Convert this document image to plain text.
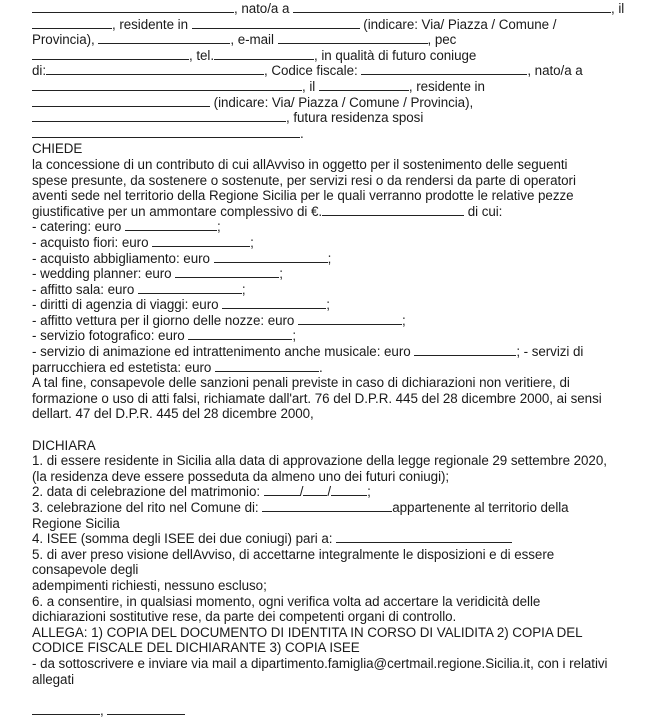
, nato/a a	, il
, residente in	(indicare: Via/ Piazza / Comune /
Provincia),	, e-mail	, pec
, tel.	, in qualità di futuro coniuge
di:	, Codice fiscale:	, nato/a a
, il	, residente in
(indicare: Via/ Piazza / Comune / Provincia),
, futura residenza sposi
.
CHIEDE
la concessione di un contributo di cui allAvviso in oggetto per il sostenimento delle seguenti
spese presunte, da sostenere o sostenute, per servizi resi o da rendersi da parte di operatori
aventi sede nel territorio della Regione Sicilia per le quali verranno prodotte le relative pezze
giustificative per un ammontare complessivo di €.	di cui:
- catering: euro	;
- acquisto fiori: euro	;
- acquisto abbigliamento: euro	;
- wedding planner: euro	;
- affitto sala: euro	;
- diritti di agenzia di viaggi: euro	;
- affitto vettura per il giorno delle nozze: euro	;
- servizio fotografico: euro	;
- servizio di animazione ed intrattenimento anche musicale: euro	; - servizi di
parrucchiera ed estetista: euro	.
A tal fine, consapevole delle sanzioni penali previste in caso di dichiarazioni non veritiere, di
formazione o uso di atti falsi, richiamate dall'art. 76 del D.P.R. 445 del 28 dicembre 2000, ai sensi
dellart. 47 del D.P.R. 445 del 28 dicembre 2000,
DICHIARA
1. di essere residente in Sicilia alla data di approvazione della legge regionale 29 settembre 2020,
(la residenza deve essere posseduta da almeno uno dei futuri coniugi);
2. data di celebrazione del matrimonio:	/ /	;
3. celebrazione del rito nel Comune di:	appartenente al territorio della
Regione Sicilia
4. ISEE (somma degli ISEE dei due coniugi) pari a:
5. di aver preso visione dellAvviso, di accettarne integralmente le disposizioni e di essere
consapevole degli
adempimenti richiesti, nessuno escluso;
6. a consentire, in qualsiasi momento, ogni verifica volta ad accertare la veridicità delle
dichiarazioni sostitutive rese, da parte dei competenti organi di controllo.
ALLEGA: 1) COPIA DEL DOCUMENTO DI IDENTITA IN CORSO DI VALIDITA 2) COPIA DEL
CODICE FISCALE DEL DICHIARANTE 3) COPIA ISEE
- da sottoscrivere e inviare via mail a dipartimento.famiglia@certmail.regione.Sicilia.it, con i relativi
allegati
,
